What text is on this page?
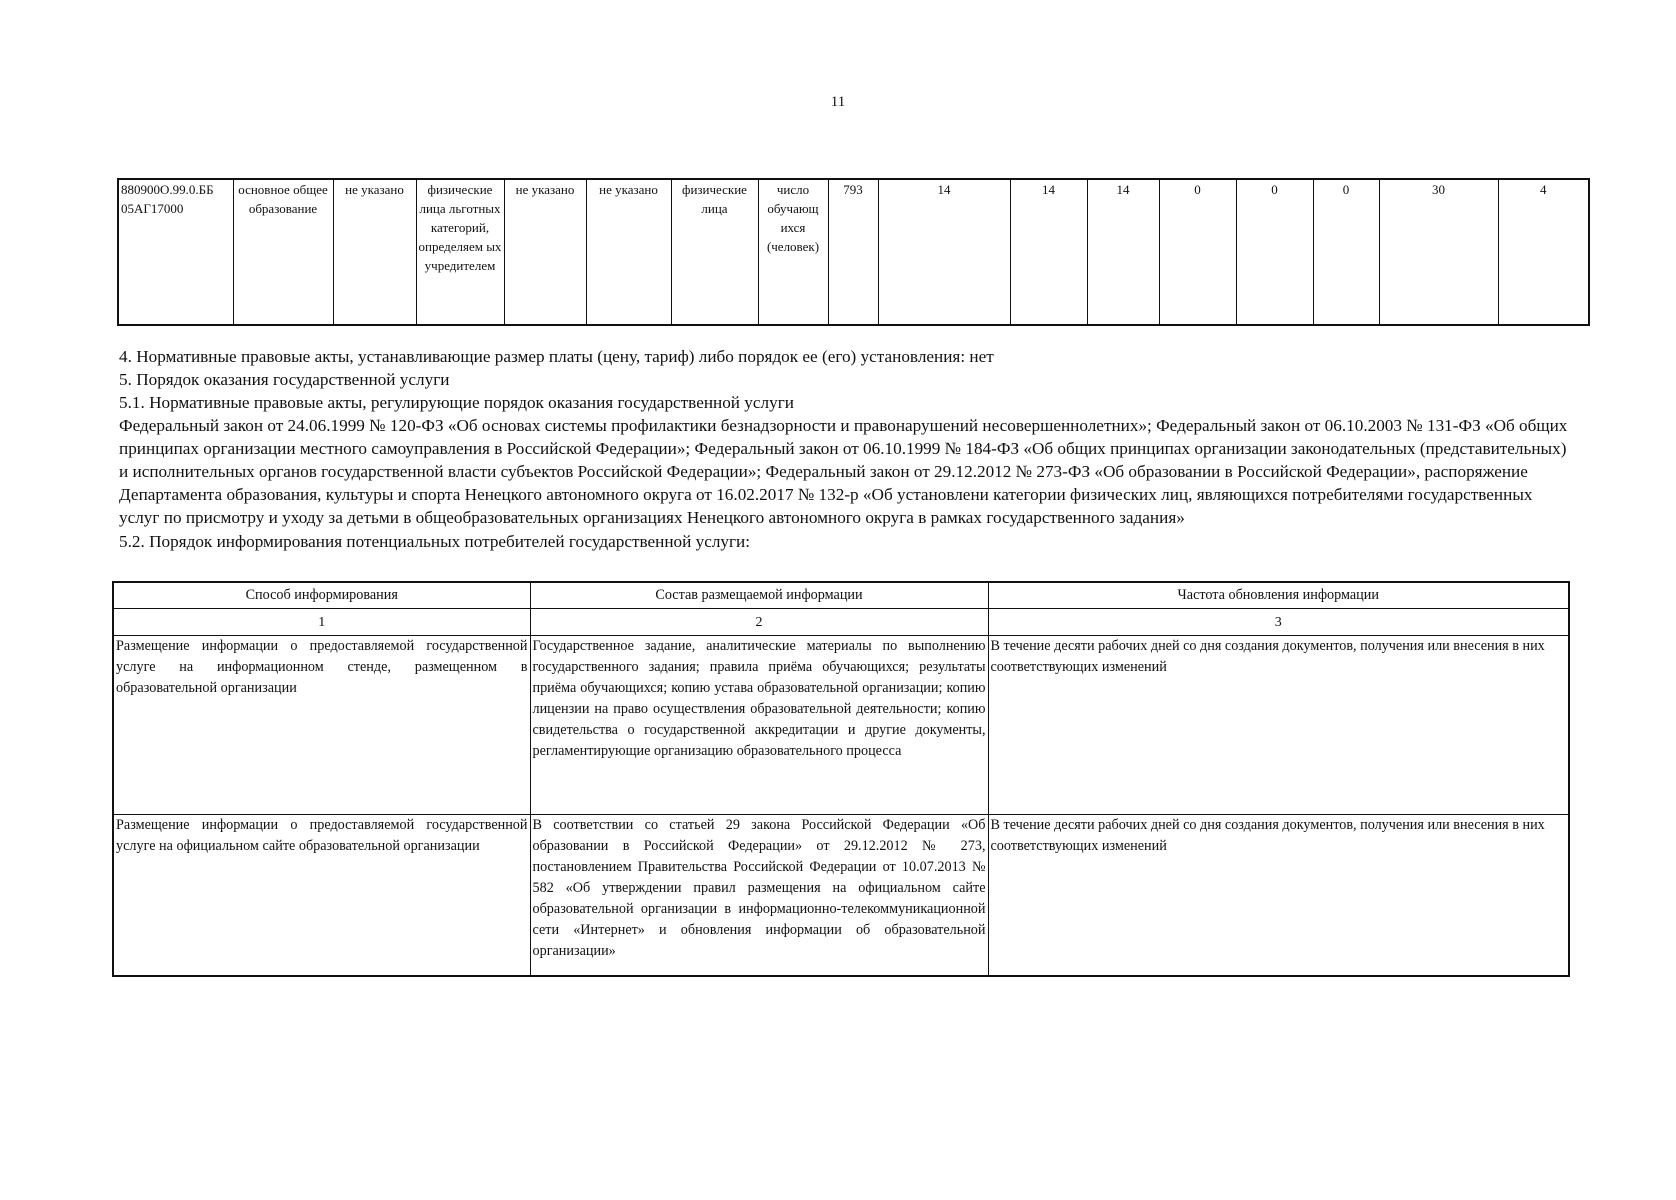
11
880900О.99.0.ББ 05АГ17000	основное общее образование	не указано	физические лица льготных категорий, определяем ых учредителем	не указано	не указано	физические лица	число обучающ ихся (человек)	793	14	14	14	0	0	0	30	4

4. Нормативные правовые акты, устанавливающие размер платы (цену, тариф) либо порядок ее (его) установления: нет

5. Порядок оказания государственной услуги

5.1. Нормативные правовые акты, регулирующие порядок оказания государственной услуги

Федеральный закон от 24.06.1999 № 120-ФЗ «Об основах системы профилактики безнадзорности и правонарушений несовершеннолетних»; Федеральный закон от 06.10.2003 № 131-ФЗ «Об общих принципах организации местного самоуправления в Российской Федерации»; Федеральный закон от 06.10.1999 № 184-ФЗ «Об общих принципах организации законодательных (представительных) и исполнительных органов государственной власти субъектов Российской Федерации»; Федеральный закон от 29.12.2012 № 273-ФЗ «Об образовании в Российской Федерации», распоряжение Департамента образования, культуры и спорта Ненецкого автономного округа от 16.02.2017 № 132-р «Об установлени категории физических лиц, являющихся потребителями государственных услуг по присмотру и уходу за детьми в общеобразовательных организациях Ненецкого автономного округа в рамках государственного задания»

5.2. Порядок информирования потенциальных потребителей государственной услуги:

Способ информирования	Состав размещаемой информации	Частота обновления информации
1	2	3
Размещение информации о предоставляемой государственной услуге на информационном стенде, размещенном в образовательной организации	Государственное задание, аналитические материалы по выполнению государственного задания; правила приёма обучающихся; результаты приёма обучающихся; копию устава образовательной организации; копию лицензии на право осуществления образовательной деятельности; копию свидетельства о государственной аккредитации и другие документы, регламентирующие организацию образовательного процесса	В течение десяти рабочих дней со дня создания документов, получения или внесения в них соответствующих изменений
Размещение информации о предоставляемой государственной услуге на официальном сайте образовательной организации	В соответствии со статьей 29 закона Российской Федерации «Об образовании в Российской Федерации» от 29.12.2012 № 273, постановлением Правительства Российской Федерации от 10.07.2013 № 582 «Об утверждении правил размещения на официальном сайте образовательной организации в информационно-телекоммуникационной сети «Интернет» и обновления информации об образовательной организации»	В течение десяти рабочих дней со дня создания документов, получения или внесения в них соответствующих изменений
